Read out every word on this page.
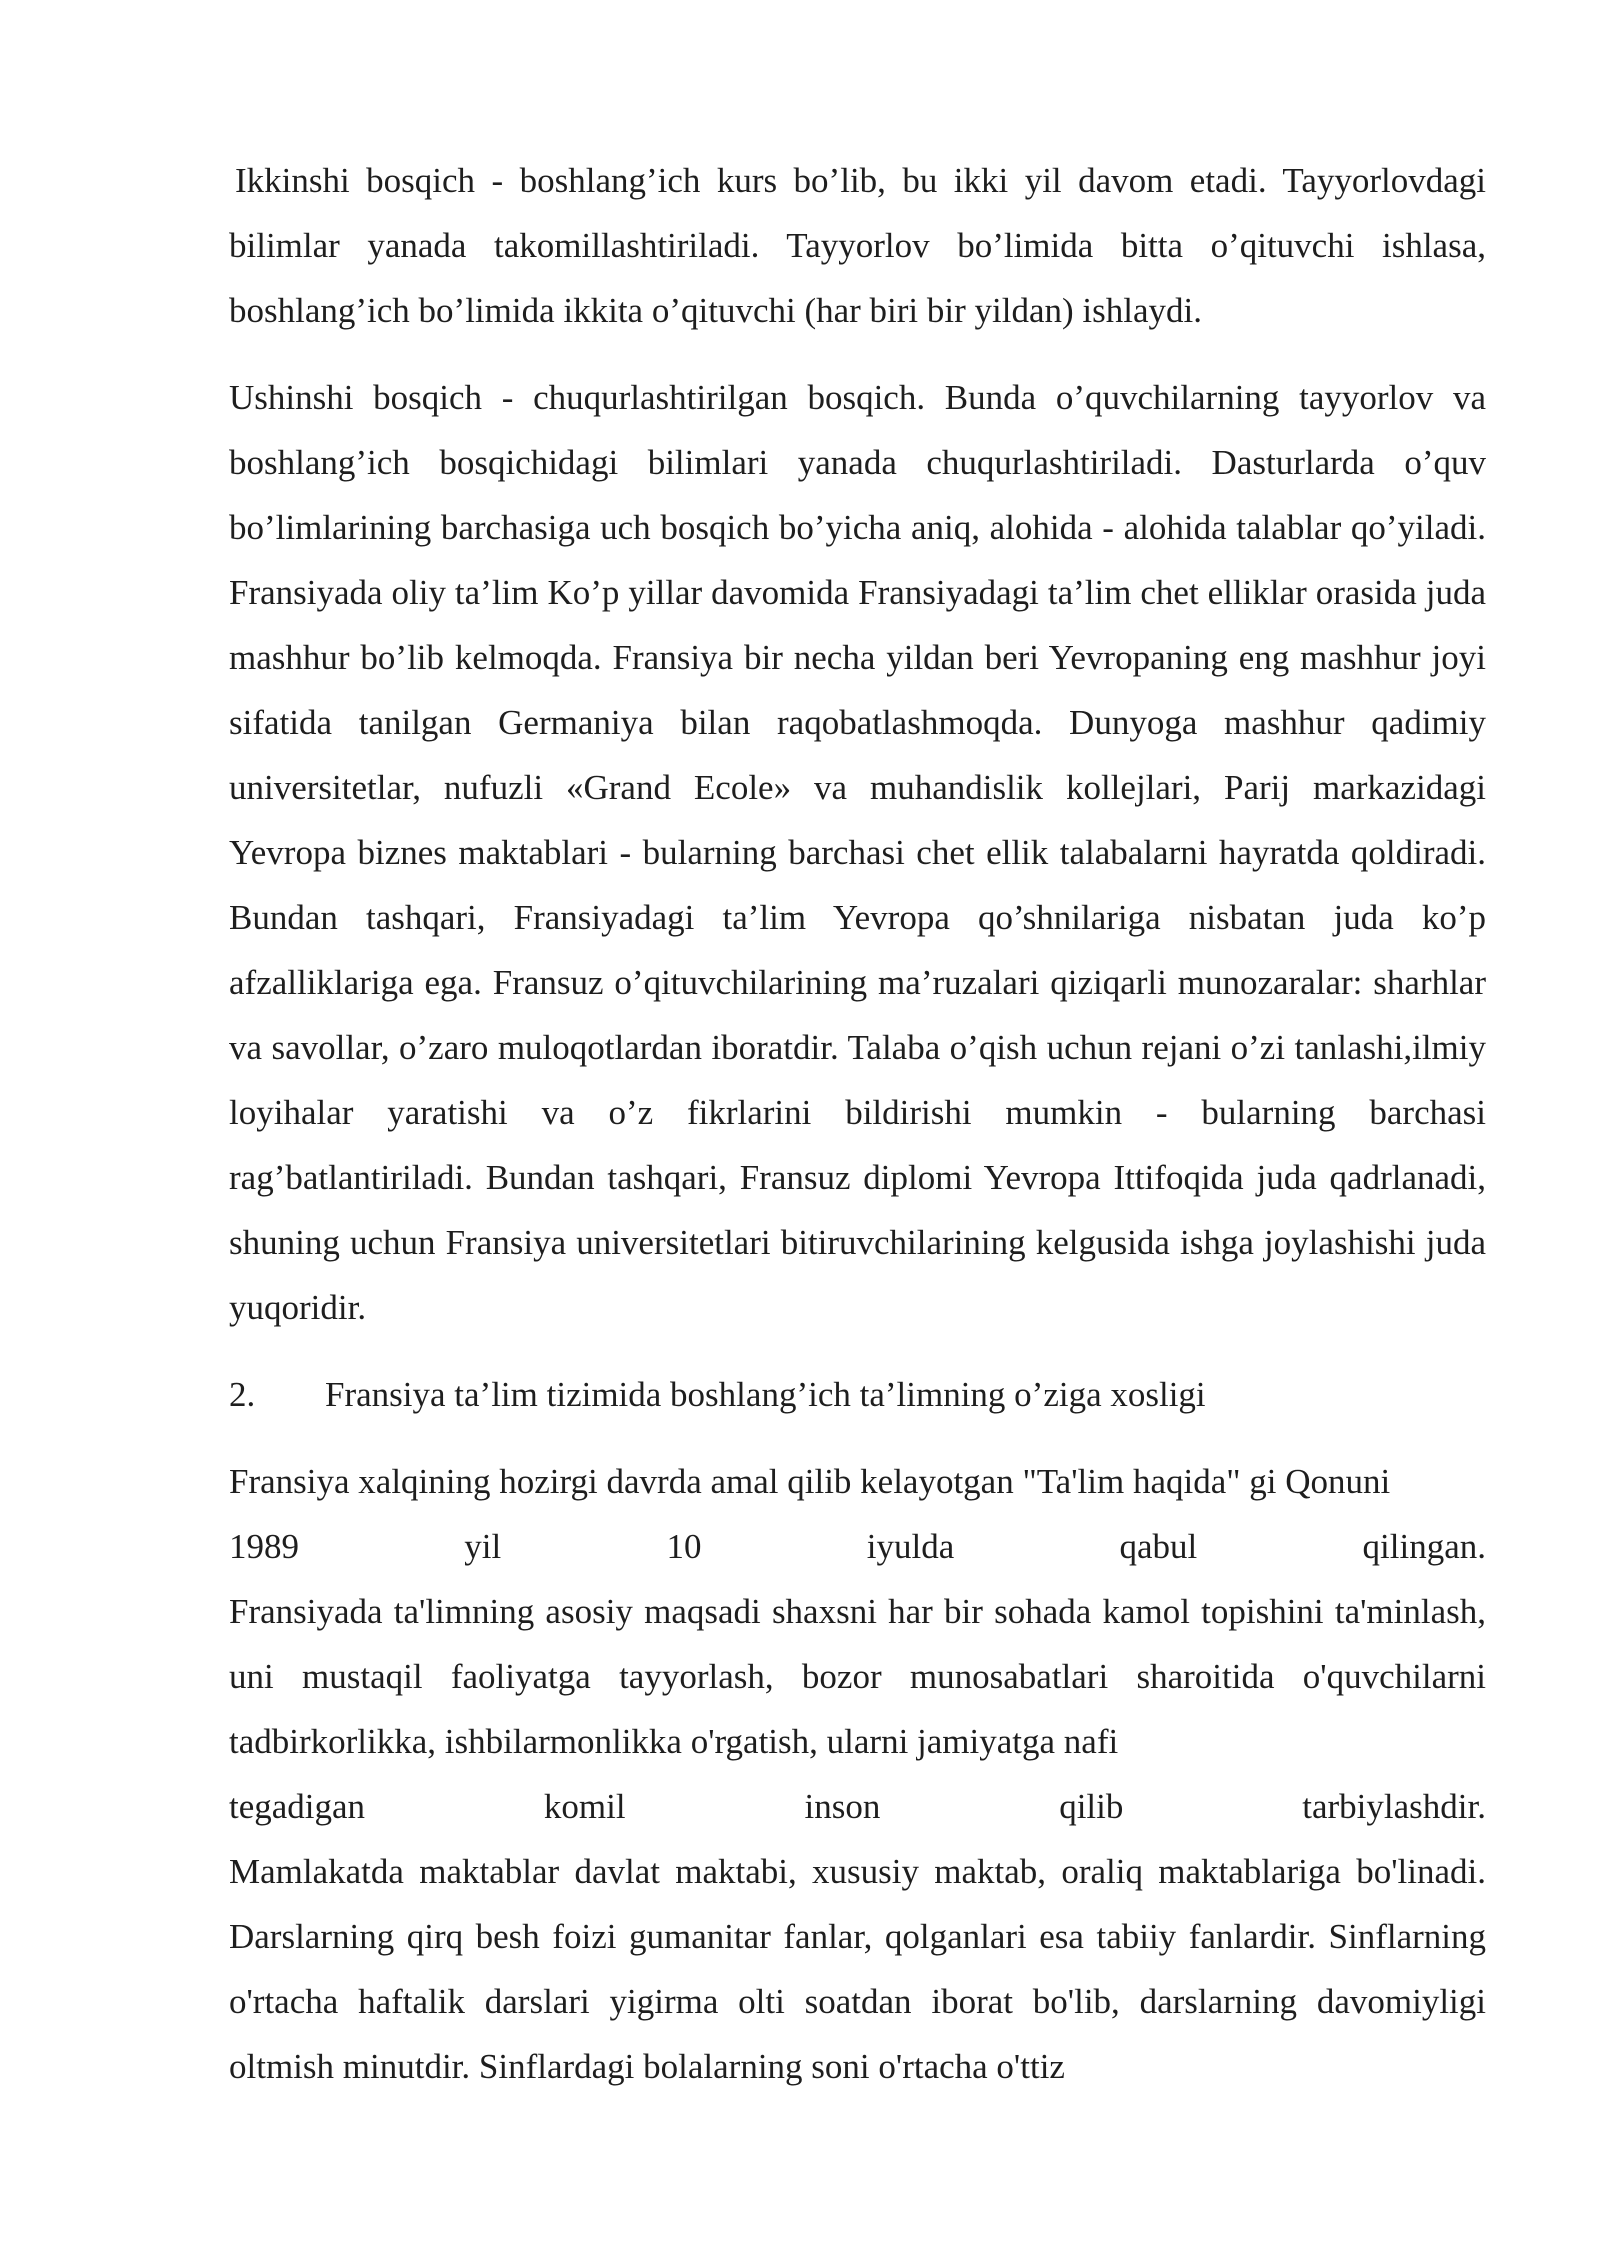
Ikkinshi bosqich - boshlang’ich kurs bo’lib, bu ikki yil davom etadi. Tayyorlovdagi bilimlar yanada takomillashtiriladi. Tayyorlov bo’limida bitta o’qituvchi ishlasa, boshlang’ich bo’limida ikkita o’qituvchi (har biri bir yildan) ishlaydi.

Ushinshi bosqich - chuqurlashtirilgan bosqich. Bunda o’quvchilarning tayyorlov va boshlang’ich bosqichidagi bilimlari yanada chuqurlashtiriladi. Dasturlarda o’quv bo’limlarining barchasiga uch bosqich bo’yicha aniq, alohida - alohida talablar qo’yiladi. Fransiyada oliy ta’lim Ko’p yillar davomida Fransiyadagi ta’lim chet elliklar orasida juda mashhur bo’lib kelmoqda. Fransiya bir necha yildan beri Yevropaning eng mashhur joyi sifatida tanilgan Germaniya bilan raqobatlashmoqda. Dunyoga mashhur qadimiy universitetlar, nufuzli «Grand Ecole» va muhandislik kollejlari, Parij markazidagi Yevropa biznes maktablari - bularning barchasi chet ellik talabalarni hayratda qoldiradi. Bundan tashqari, Fransiyadagi ta’lim Yevropa qo’shnilariga nisbatan juda ko’p afzalliklariga ega. Fransuz o’qituvchilarining ma’ruzalari qiziqarli munozaralar: sharhlar va savollar, o’zaro muloqotlardan iboratdir. Talaba o’qish uchun rejani o’zi tanlashi,ilmiy loyihalar yaratishi va o’z fikrlarini bildirishi mumkin - bularning barchasi rag’batlantiriladi. Bundan tashqari, Fransuz diplomi Yevropa Ittifoqida juda qadrlanadi, shuning uchun Fransiya universitetlari bitiruvchilarining kelgusida ishga joylashishi juda yuqoridir.

2.	Fransiya ta’lim tizimida boshlang’ich ta’limning o’ziga xosligi
Fransiya xalqining hozirgi davrda amal qilib kelayotgan "Ta'lim haqida" gi Qonuni
1989	yil	10	iyulda	qabul	qilingan.
Fransiyada ta'limning asosiy maqsadi shaxsni har bir sohada kamol topishini ta'minlash, uni mustaqil faoliyatga tayyorlash, bozor munosabatlari sharoitida o'quvchilarni tadbirkorlikka, ishbilarmonlikka o'rgatish, ularni jamiyatga nafi
tegadigan	komil	inson	qilib	tarbiylashdir.
Mamlakatda maktablar davlat maktabi, xususiy maktab, oraliq maktablariga bo'linadi. Darslarning qirq besh foizi gumanitar fanlar, qolganlari esa tabiiy fanlardir. Sinflarning o'rtacha haftalik darslari yigirma olti soatdan iborat bo'lib, darslarning davomiyligi oltmish minutdir. Sinflardagi bolalarning soni o'rtacha o'ttiz
